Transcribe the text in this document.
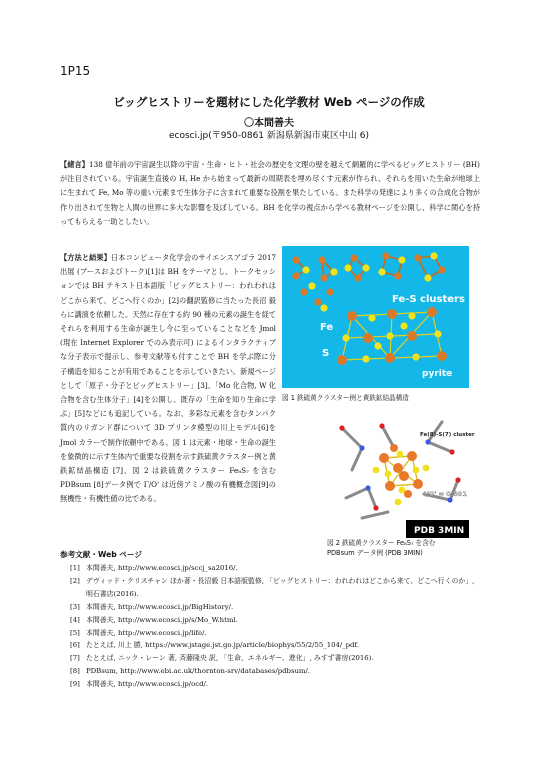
1P15
ビッグヒストリーを題材にした化学教材 Web ページの作成
〇本間善夫
ecosci.jp(〒950-0861 新潟県新潟市東区中山 6)
【緒言】138 億年前の宇宙誕生以降の宇宙・生命・ヒト・社会の歴史を文理の壁を越えて網羅的に学べるビッグヒストリー (BH) が注目されている。宇宙誕生直後の H, He から始まって最新の周期表を埋め尽くす元素が作られ、それらを用いた生命が地球上に生まれて Fe, Mo 等の重い元素まで生体分子に含まれて重要な役割を果たしている。また科学の発達により多くの合成化合物が作り出されて生物と人間の世界に多大な影響を及ぼしている。BH を化学の視点から学べる教材ページを公開し、科学に関心を持ってもらえる一助としたい。
【方法と結果】日本コンピュータ化学会のサイエンスアゴラ 2017 出展 (ブースおよびトーク)[1]は BH をテーマとし、トークセッションでは BH テキスト日本語版「ビッグヒストリー：われわれはどこから来て、どこへ行くのか」[2]の翻訳監修に当たった長沼 毅らに講演を依頼した。天然に存在する約 90 種の元素の誕生を経てそれらを利用する生命が誕生し今に至っていることなどを Jmol (現在 Internet Explorer でのみ表示可) によるインタラクティブな分子表示で提示し、参考文献等も付すことで BH を学ぶ際に分子構造を知ることが有用であることを示していきたい。新規ページとして「原子・分子とビッグヒストリー」[3]、「Mo 化合物, W 化合物を含む生体分子」[4]を公開し、既存の「生命を知り生命に学ぶ」[5]などにも追記している。なお、多彩な元素を含むタンパク質内のリガンド群について 3D プリンタ模型の川上モデル[6]を Jmol カラーで制作依頼中である。図 1 は元素・地球・生命の誕生を象徴的に示す生体内で重要な役割を示す鉄硫黄クラスター例と黄鉄鉱結晶構造 [7]、図 2 は鉄硫黄クラスター Fe₈S₇ を含む PDBsum [8]データ例で Γ/O' は近傍アミノ酸の有機概念図[9]の無機性・有機性値の比である。
Fe-S clusters
Fe
S
pyrite
図 1 鉄硫黄クラスター例と黄鉄鉱結晶構造
Fe(8)-S(7) cluster
I/O' = 0.801
PDB 3MIN
図 2 鉄硫黄クラスター Fe₈S₇ を含む
PDBsum データ例 (PDB 3MIN)
参考文献・Web ページ
[1] 本間善夫, http://www.ecosci.jp/sccj_sa2016/.
[2] デヴィッド・クリスチャン ほか著・長沼毅 日本語版監修, 「ビッグヒストリー：われわれはどこから来て、どこへ行くのか」, 明石書店(2016).
[3] 本間善夫, http://www.ecosci.jp/BigHistory/.
[4] 本間善夫, http://www.ecosci.jp/s/Mo_W.html.
[5] 本間善夫, http://www.ecosci.jp/life/.
[6] たとえば, 川上 勝, https://www.jstage.jst.go.jp/article/biophys/55/2/55_104/_pdf.
[7] たとえば, ニック・レーン 著, 斉藤隆央 訳, 「生命、エネルギー、進化」, みすず書房(2016).
[8] PDBsum, http://www.ebi.ac.uk/thornton-srv/databases/pdbsum/.
[9] 本間善夫, http://www.ecosci.jp/ocd/.
